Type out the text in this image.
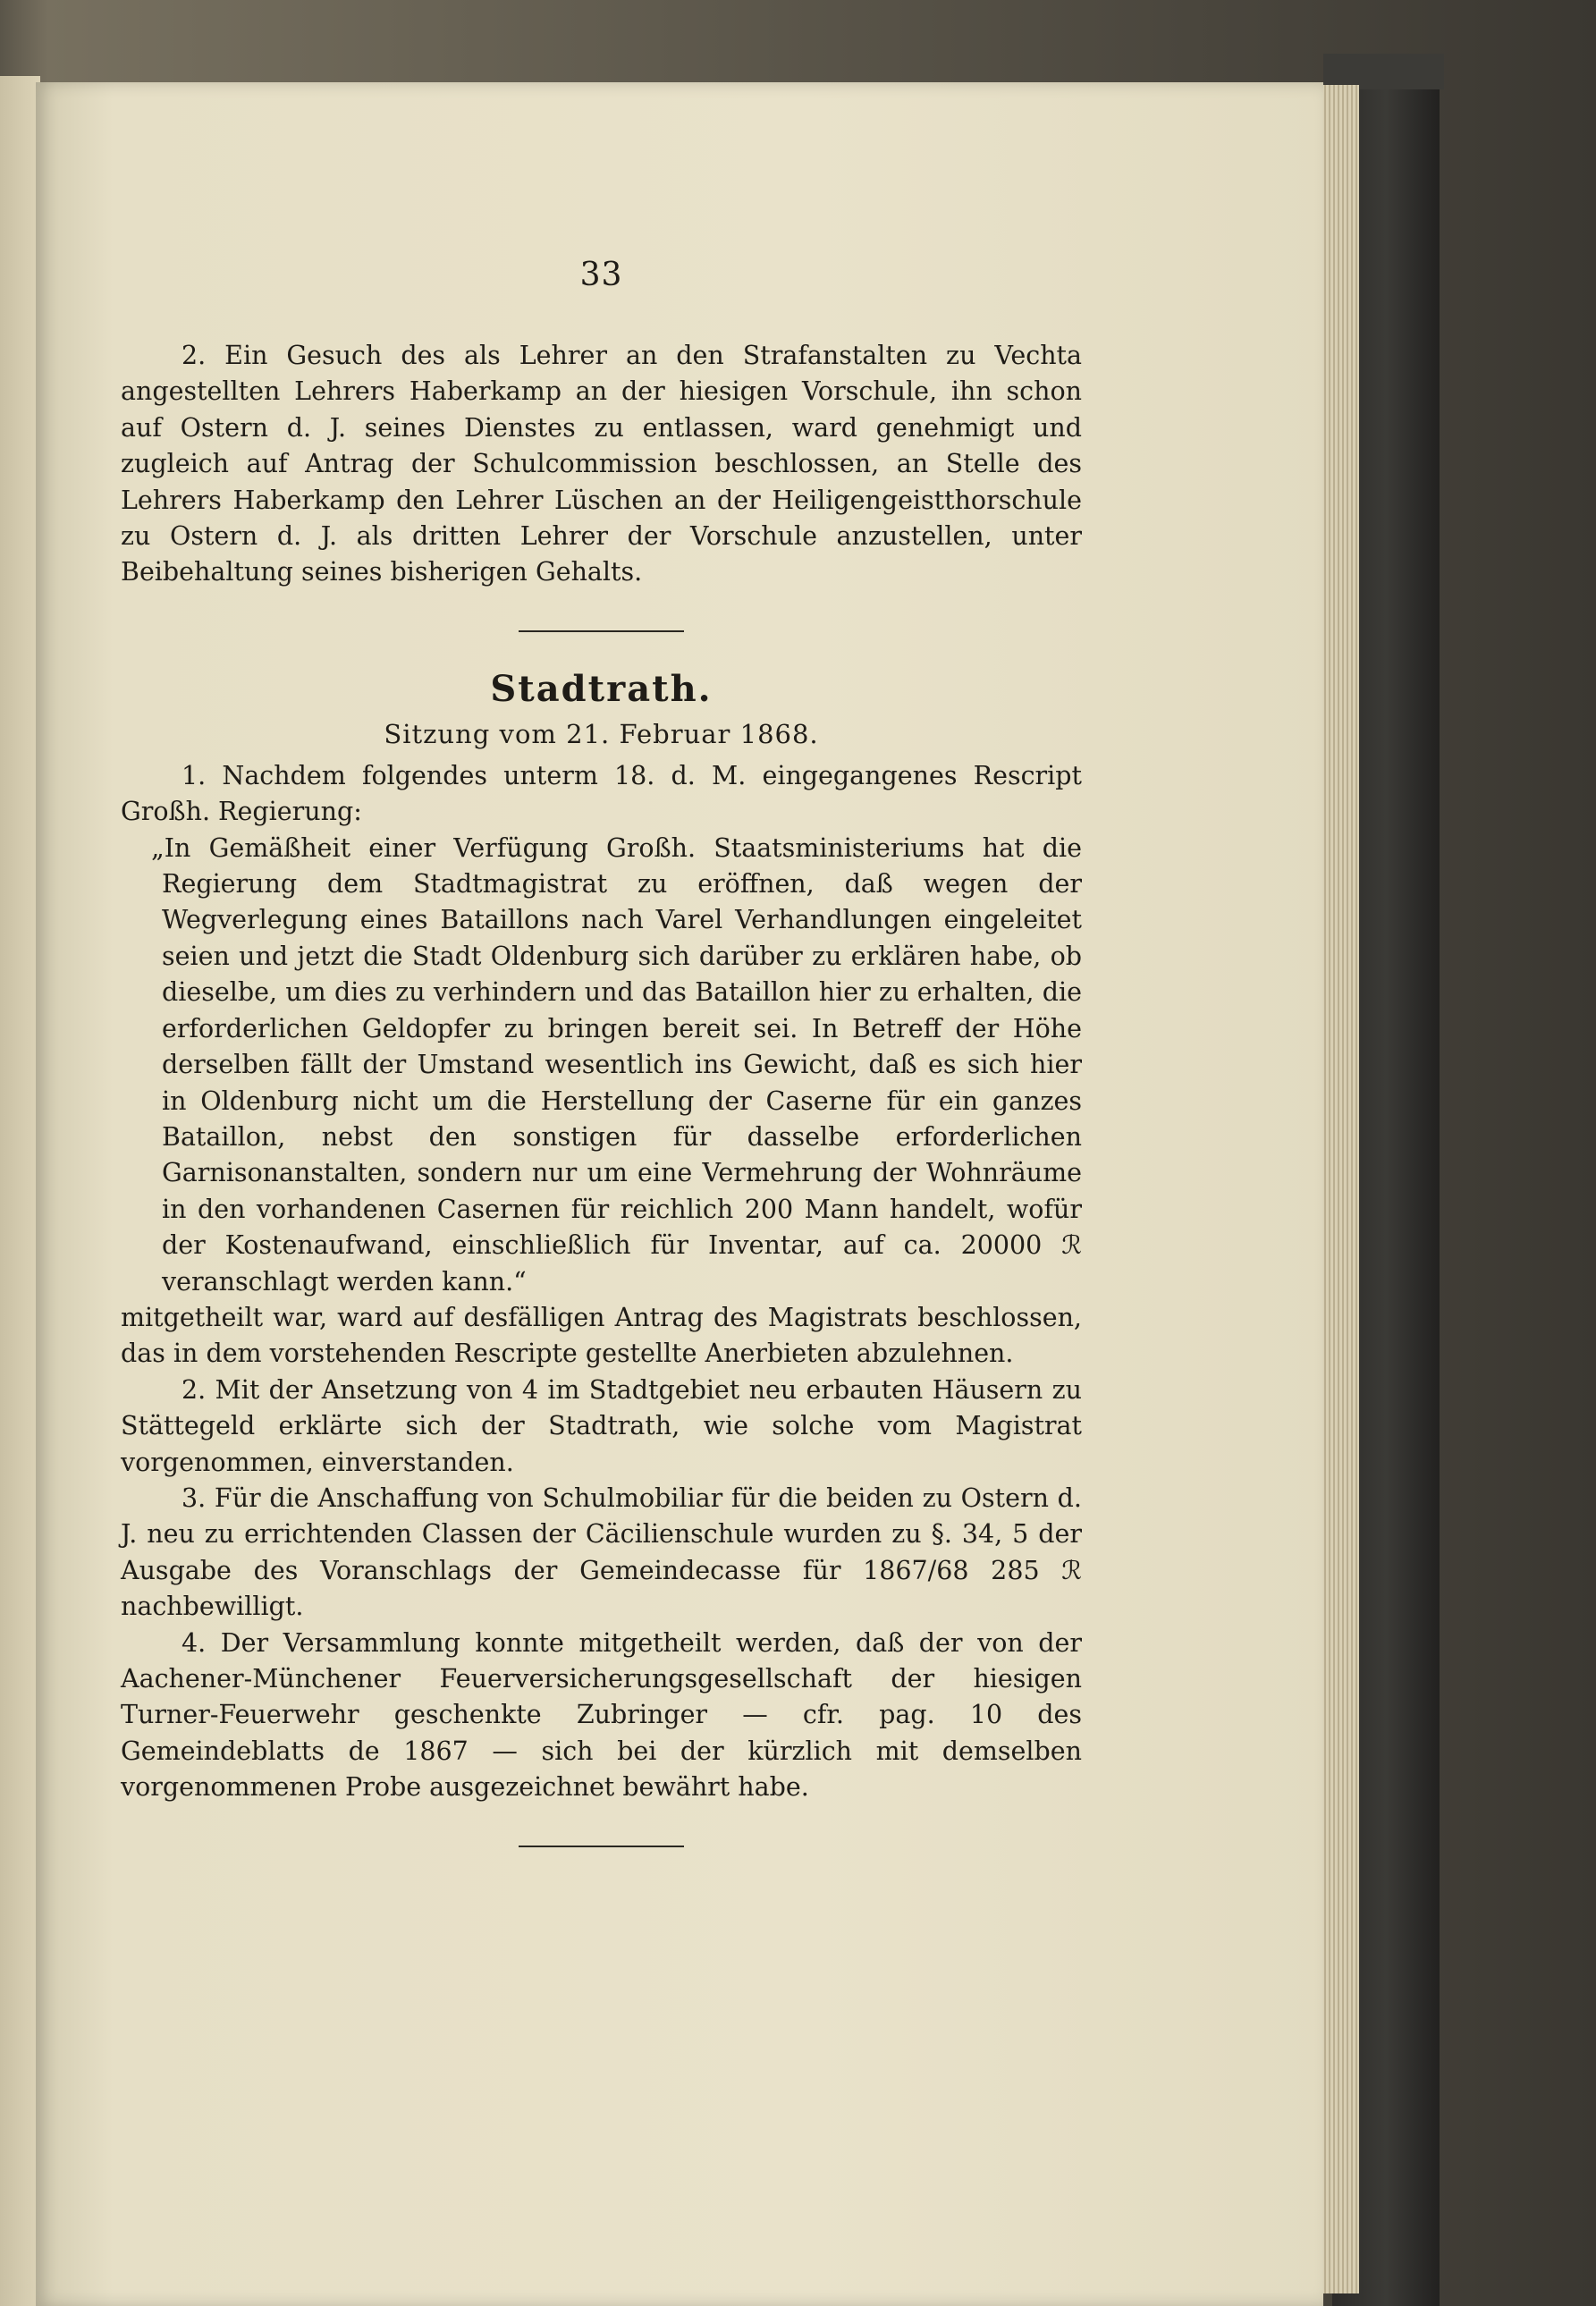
33

2. Ein Gesuch des als Lehrer an den Strafanstalten zu Vechta angestellten Lehrers Haberkamp an der hiesigen Vorschule, ihn schon auf Ostern d. J. seines Dienstes zu entlassen, ward genehmigt und zugleich auf Antrag der Schulcommission beschlossen, an Stelle des Lehrers Haberkamp den Lehrer Lüschen an der Heiligengeistthorschule zu Ostern d. J. als dritten Lehrer der Vorschule anzustellen, unter Beibehaltung seines bisherigen Gehalts.

Stadtrath.
Sitzung vom 21. Februar 1868.

1. Nachdem folgendes unterm 18. d. M. eingegangenes Rescript Großh. Regierung:

„In Gemäßheit einer Verfügung Großh. Staatsministeriums hat die Regierung dem Stadtmagistrat zu eröffnen, daß wegen der Wegverlegung eines Bataillons nach Varel Verhandlungen eingeleitet seien und jetzt die Stadt Oldenburg sich darüber zu erklären habe, ob dieselbe, um dies zu verhindern und das Bataillon hier zu erhalten, die erforderlichen Geldopfer zu bringen bereit sei. In Betreff der Höhe derselben fällt der Umstand wesentlich ins Gewicht, daß es sich hier in Oldenburg nicht um die Herstellung der Caserne für ein ganzes Bataillon, nebst den sonstigen für dasselbe erforderlichen Garnisonanstalten, sondern nur um eine Vermehrung der Wohnräume in den vorhandenen Casernen für reichlich 200 Mann handelt, wofür der Kostenaufwand, einschließlich für Inventar, auf ca. 20000 ℛ veranschlagt werden kann.“

mitgetheilt war, ward auf desfälligen Antrag des Magistrats beschlossen, das in dem vorstehenden Rescripte gestellte Anerbieten abzulehnen.

2. Mit der Ansetzung von 4 im Stadtgebiet neu erbauten Häusern zu Stättegeld erklärte sich der Stadtrath, wie solche vom Magistrat vorgenommen, einverstanden.

3. Für die Anschaffung von Schulmobiliar für die beiden zu Ostern d. J. neu zu errichtenden Classen der Cäcilienschule wurden zu §. 34, 5 der Ausgabe des Voranschlags der Gemeindecasse für 1867/68 285 ℛ nachbewilligt.

4. Der Versammlung konnte mitgetheilt werden, daß der von der Aachener-Münchener Feuerversicherungsgesellschaft der hiesigen Turner-Feuerwehr geschenkte Zubringer — cfr. pag. 10 des Gemeindeblatts de 1867 — sich bei der kürzlich mit demselben vorgenommenen Probe ausgezeichnet bewährt habe.
